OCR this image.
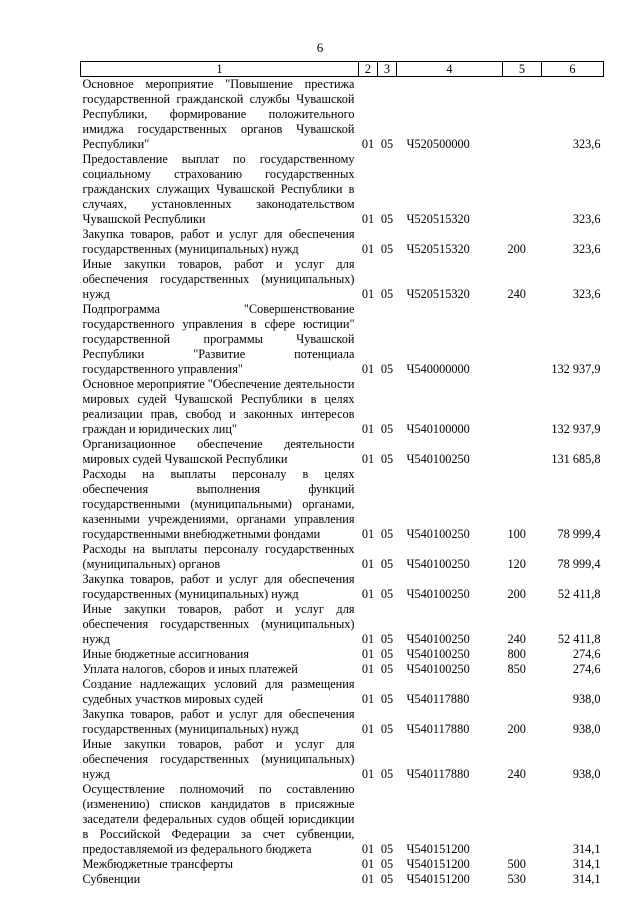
6
1	2	3	4	5	6
Основное мероприятие "Повышение престижа государственной гражданской службы Чувашской Республики, формирование положительного имиджа государственных органов Чувашской Республики"	01	05	Ч520500000		323,6
Предоставление выплат по государственному социальному страхованию государственных гражданских служащих Чувашской Республики в случаях, установленных законодательством Чувашской Республики	01	05	Ч520515320		323,6
Закупка товаров, работ и услуг для обеспечения государственных (муниципальных) нужд	01	05	Ч520515320	200	323,6
Иные закупки товаров, работ и услуг для обеспечения государственных (муниципальных) нужд	01	05	Ч520515320	240	323,6
Подпрограмма "Совершенствование государственного управления в сфере юстиции" государственной программы Чувашской Республики "Развитие потенциала государственного управления"	01	05	Ч540000000		132 937,9
Основное мероприятие "Обеспечение деятельности мировых судей Чувашской Республики в целях реализации прав, свобод и законных интересов граждан и юридических лиц"	01	05	Ч540100000		132 937,9
Организационное обеспечение деятельности мировых судей Чувашской Республики	01	05	Ч540100250		131 685,8
Расходы на выплаты персоналу в целях обеспечения выполнения функций государственными (муниципальными) органами, казенными учреждениями, органами управления государственными внебюджетными фондами	01	05	Ч540100250	100	78 999,4
Расходы на выплаты персоналу государственных (муниципальных) органов	01	05	Ч540100250	120	78 999,4
Закупка товаров, работ и услуг для обеспечения государственных (муниципальных) нужд	01	05	Ч540100250	200	52 411,8
Иные закупки товаров, работ и услуг для обеспечения государственных (муниципальных) нужд	01	05	Ч540100250	240	52 411,8
Иные бюджетные ассигнования	01	05	Ч540100250	800	274,6
Уплата налогов, сборов и иных платежей	01	05	Ч540100250	850	274,6
Создание надлежащих условий для размещения судебных участков мировых судей	01	05	Ч540117880		938,0
Закупка товаров, работ и услуг для обеспечения государственных (муниципальных) нужд	01	05	Ч540117880	200	938,0
Иные закупки товаров, работ и услуг для обеспечения государственных (муниципальных) нужд	01	05	Ч540117880	240	938,0
Осуществление полномочий по составлению (изменению) списков кандидатов в присяжные заседатели федеральных судов общей юрисдикции в Российской Федерации за счет субвенции, предоставляемой из федерального бюджета	01	05	Ч540151200		314,1
Межбюджетные трансферты	01	05	Ч540151200	500	314,1
Субвенции	01	05	Ч540151200	530	314,1
